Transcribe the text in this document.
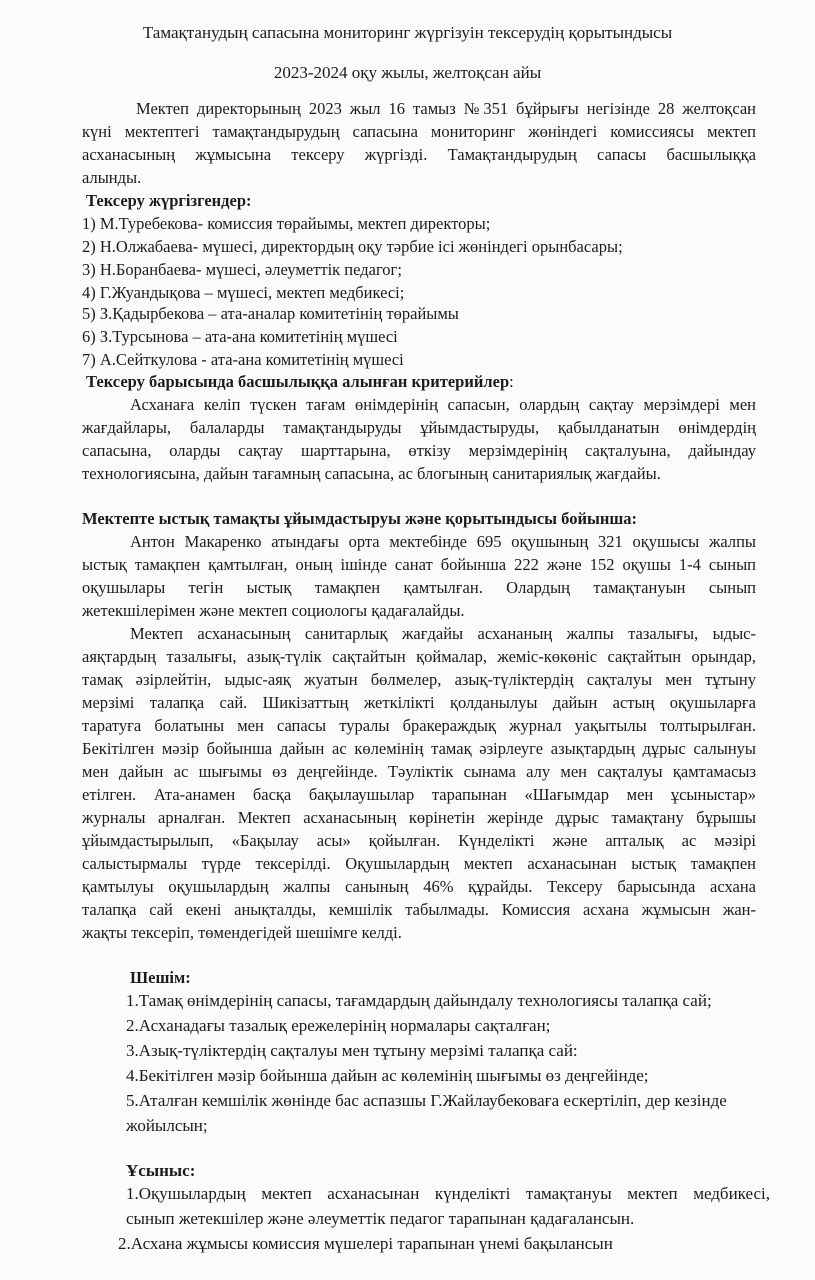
Тамақтанудың сапасына мониторинг жүргізуін тексерудің қорытындысы
2023-2024 оқу жылы, желтоқсан айы
Мектеп директорының 2023 жыл 16 тамыз №351 бұйрығы негізінде 28 желтоқсан
күні мектептегі тамақтандырудың сапасына мониторинг жөніндегі комиссиясы мектеп
асханасының жұмысына тексеру жүргізді. Тамақтандырудың сапасы басшылыққа
алынды.
Тексеру жүргізгендер:
1) М.Туребекова- комиссия төрайымы, мектеп директоры;
2) Н.Олжабаева- мүшесі, директордың оқу тәрбие ісі жөніндегі орынбасары;
3) Н.Боранбаева- мүшесі, әлеуметтік педагог;
4) Г.Жуандықова – мүшесі, мектеп медбикесі;
5) З.Қадырбекова – ата-аналар комитетінің төрайымы
6) З.Турсынова – ата-ана комитетінің мүшесі
7) А.Сейткулова - ата-ана комитетінің мүшесі
Тексеру барысында басшылыққа алынған критерийлер:
Асханаға келіп түскен тағам өнімдерінің сапасын, олардың сақтау мерзімдері мен
жағдайлары, балаларды тамақтандыруды ұйымдастыруды, қабылданатын өнімдердің
сапасына, оларды сақтау шарттарына, өткізу мерзімдерінің сақталуына, дайындау
технологиясына, дайын тағамның сапасына, ас блогының санитариялық жағдайы.
Мектепте ыстық тамақты ұйымдастыруы және қорытындысы бойынша:
Антон Макаренко атындағы орта мектебінде 695 оқушының 321 оқушысы жалпы
ыстық тамақпен қамтылған, оның ішінде санат бойынша 222 және 152 оқушы 1-4 сынып
оқушылары тегін ыстық тамақпен қамтылған. Олардың тамақтануын сынып
жетекшілерімен және мектеп социологы қадағалайды.
Мектеп асханасының санитарлық жағдайы асхананың жалпы тазалығы, ыдыс-
аяқтардың тазалығы, азық-түлік сақтайтын қоймалар, жеміс-көкөніс сақтайтын орындар,
тамақ әзірлейтін, ыдыс-аяқ жуатын бөлмелер, азық-түліктердің сақталуы мен тұтыну
мерзімі талапқа сай. Шикізаттың жеткілікті қолданылуы дайын астың оқушыларға
таратуға болатыны мен сапасы туралы бракераждық журнал уақытылы толтырылған.
Бекітілген мәзір бойынша дайын ас көлемінің тамақ әзірлеуге азықтардың дұрыс салынуы
мен дайын ас шығымы өз деңгейінде. Тәуліктік сынама алу мен сақталуы қамтамасыз
етілген. Ата-анамен басқа бақылаушылар тарапынан «Шағымдар мен ұсыныстар»
журналы арналған. Мектеп асханасының көрінетін жерінде дұрыс тамақтану бұрышы
ұйымдастырылып, «Бақылау асы» қойылған. Күнделікті және апталық ас мәзірі
салыстырмалы түрде тексерілді. Оқушылардың мектеп асханасынан ыстық тамақпен
қамтылуы оқушылардың жалпы санының 46% құрайды. Тексеру барысында асхана
талапқа сай екені анықталды, кемшілік табылмады. Комиссия асхана жұмысын жан-
жақты тексеріп, төмендегідей шешімге келді.
Шешім:
1.Тамақ өнімдерінің сапасы, тағамдардың дайындалу технологиясы талапқа сай;
2.Асханадағы тазалық ережелерінің нормалары сақталған;
3.Азық-түліктердің сақталуы мен тұтыну мерзімі талапқа сай:
4.Бекітілген мәзір бойынша дайын ас көлемінің шығымы өз деңгейінде;
5.Аталған кемшілік жөнінде бас аспазшы Г.Жайлаубековаға ескертіліп, дер кезінде
жойылсын;
Ұсыныс:
1.Оқушылардың мектеп асханасынан күнделікті тамақтануы мектеп медбикесі,
сынып жетекшілер және әлеуметтік педагог тарапынан қадағалансын.
2.Асхана жұмысы комиссия мүшелері тарапынан үнемі бақылансын
